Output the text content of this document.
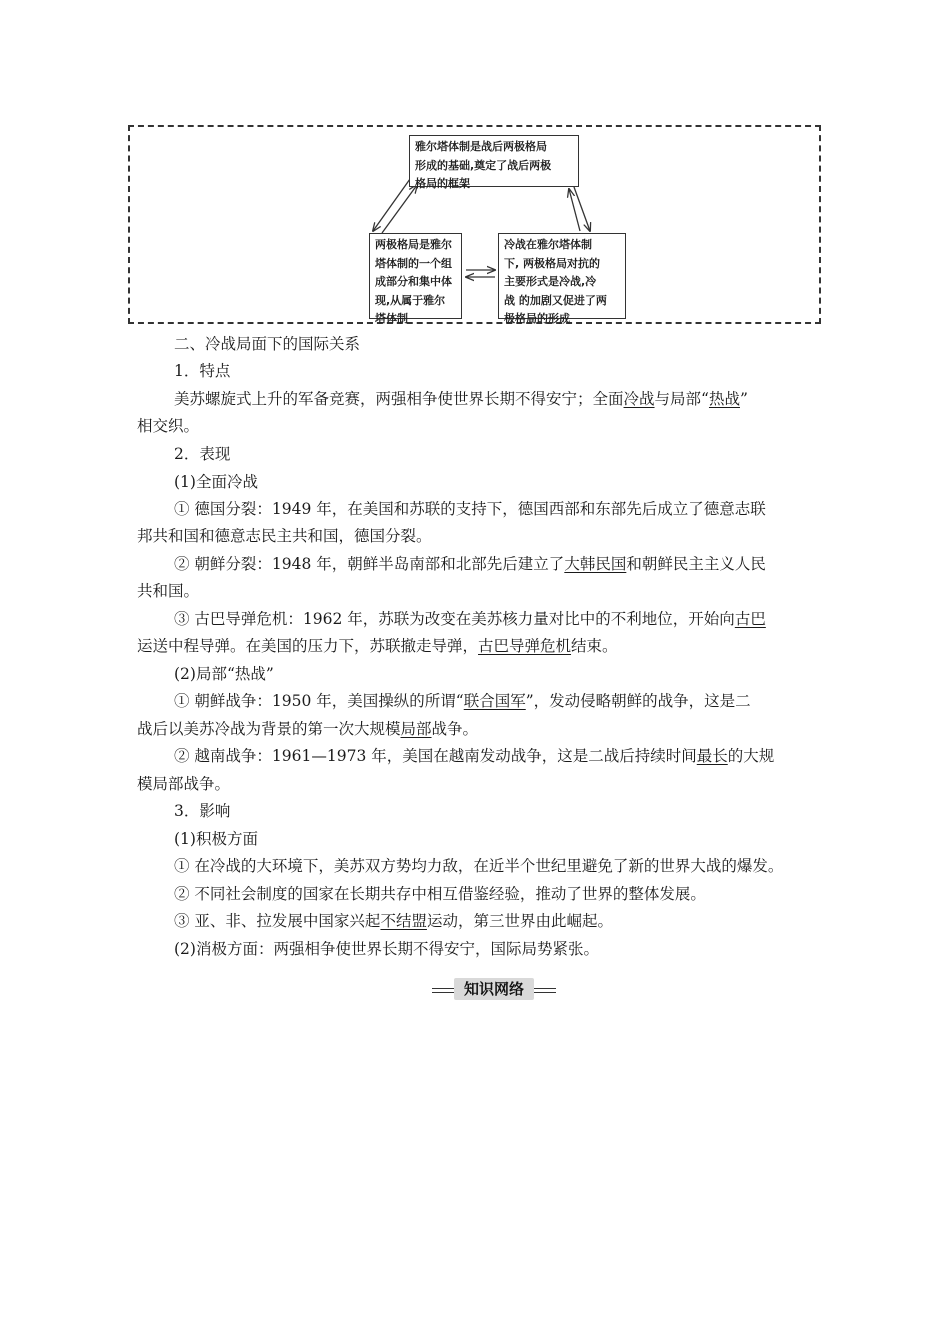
雅尔塔体制是战后两极格局
形成的基础,奠定了战后两极
格局的框架
两极格局是雅尔
塔体制的一个组
成部分和集中体
现,从属于雅尔
塔体制
冷战在雅尔塔体制
下, 两极格局对抗的
主要形式是冷战,冷
战 的加剧又促进了两
极格局的形成
二、冷战局面下的国际关系
1．特点
美苏螺旋式上升的军备竞赛，两强相争使世界长期不得安宁；全面冷战与局部“热战”
相交织。
2．表现
(1)全面冷战
① 德国分裂：1949 年，在美国和苏联的支持下，德国西部和东部先后成立了德意志联
邦共和国和德意志民主共和国，德国分裂。
② 朝鲜分裂：1948 年，朝鲜半岛南部和北部先后建立了大韩民国和朝鲜民主主义人民
共和国。
③ 古巴导弹危机：1962 年，苏联为改变在美苏核力量对比中的不利地位，开始向古巴
运送中程导弹。在美国的压力下，苏联撤走导弹，古巴导弹危机结束。
(2)局部“热战”
① 朝鲜战争：1950 年，美国操纵的所谓“联合国军”，发动侵略朝鲜的战争，这是二
战后以美苏冷战为背景的第一次大规模局部战争。
② 越南战争：1961—1973 年，美国在越南发动战争，这是二战后持续时间最长的大规
模局部战争。
3．影响
(1)积极方面
① 在冷战的大环境下，美苏双方势均力敌，在近半个世纪里避免了新的世界大战的爆发。
② 不同社会制度的国家在长期共存中相互借鉴经验，推动了世界的整体发展。
③ 亚、非、拉发展中国家兴起不结盟运动，第三世界由此崛起。
(2)消极方面：两强相争使世界长期不得安宁，国际局势紧张。
知识网络
